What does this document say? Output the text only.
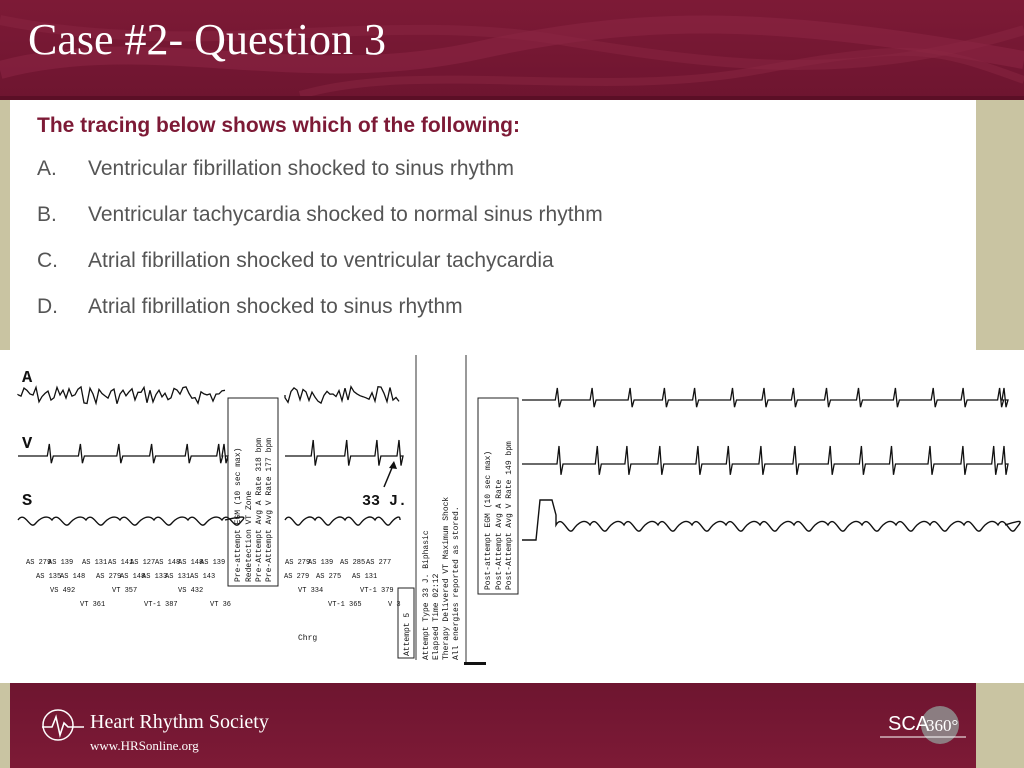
Case #2- Question 3
The tracing below shows which of the following:
A. Ventricular fibrillation shocked to sinus rhythm
B. Ventricular tachycardia shocked to normal sinus rhythm
C. Atrial fibrillation shocked to ventricular tachycardia
D. Atrial fibrillation shocked to sinus rhythm
A
V
S	Pre-attempt EGM (10 sec max) Redetection VT Zone Pre-Attempt Avg A Rate 318 bpm Pre-Attempt Avg V Rate 177 bpm	33 J.
Attempt 5 Attempt Type 33 J. Biphasic Elapsed Time 02:12 Therapy Delivered VT Maximum Shock All energies reported as stored.	Post-attempt EGM (10 sec max) Post-Attempt Avg A Rate Post-Attempt Avg V Rate 149 bpm
AS 279
AS 139 AS 131 AS 141
AS 127 AS 148
AS 148
AS 139	AS 279
AS 139 AS 285 AS 277
AS 135
AS 148 AS 279
AS 148
AS 133
AS 131 AS 143	AS 279 AS 275 AS 131
VS 492	VT 357	VS 432	VT 334	VT-1 379
VT 361	VT-1 387	VT 36	VT-1 365	V 3
Chrg
Heart Rhythm Society
www.HRSonline.org
SCA
360°
